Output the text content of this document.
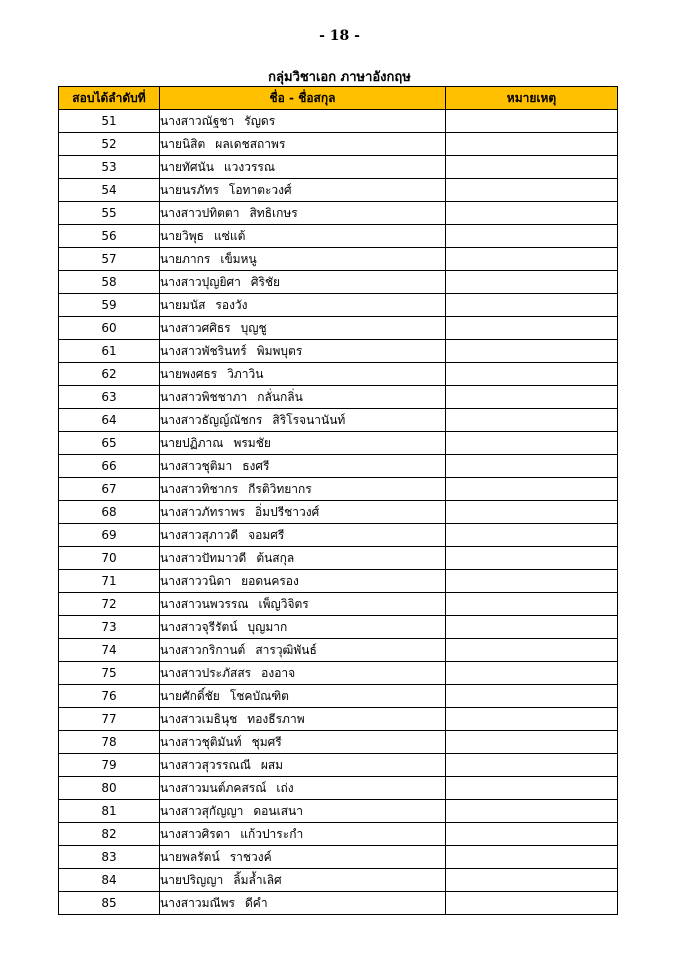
- 18 -
กลุ่มวิชาเอก ภาษาอังกฤษ
สอบได้ลำดับที่	ชื่อ - ชื่อสกุล	หมายเหตุ
51	นางสาวณัฐชา รัญดร	
52	นายนิสิต ผลเดชสถาพร	
53	นายทัศนัน แวงวรรณ	
54	นายนรภัทร โอทาตะวงศ์	
55	นางสาวปทิตตา สิทธิเกษร	
56	นายวิพุธ แซ่แต้	
57	นายภากร เข็มหนู	
58	นางสาวปุญยิศา ศิริชัย	
59	นายมนัส รองวัง	
60	นางสาวศศิธร บุญชู	
61	นางสาวพัชรินทร์ พิมพบุตร	
62	นายพงศธร วิภาวิน	
63	นางสาวพิชชาภา กลั่นกลิ่น	
64	นางสาวธัญญ์ณัชกร สิริโรจนานันท์	
65	นายปฏิภาณ พรมชัย	
66	นางสาวชุติมา ธงศรี	
67	นางสาวทิชากร กีรติวิทยากร	
68	นางสาวภัทราพร อิ่มปรีชาวงศ์	
69	นางสาวสุภาวดี จอมศรี	
70	นางสาวปัทมาวดี ต้นสกุล	
71	นางสาววนิดา ยอดนครอง	
72	นางสาวนพวรรณ เพ็ญวิจิตร	
73	นางสาวจุรีรัตน์ บุญมาก	
74	นางสาวกริกานต์ สารวุฒิพันธ์	
75	นางสาวประภัสสร องอาจ	
76	นายศักดิ์ชัย โชคบัณฑิต	
77	นางสาวเมธินุช ทองธีรภาพ	
78	นางสาวชุติมันท์ ชุมศรี	
79	นางสาวสุวรรณณี ผสม	
80	นางสาวมนต์ภคสรณ์ เถ่ง	
81	นางสาวสุกัญญา ดอนเสนา	
82	นางสาวศิรดา แก้วปาระกำ	
83	นายพลรัตน์ ราชวงค์	
84	นายปริญญา ลิ้มล้ำเลิศ	
85	นางสาวมณีพร ดีคำ	
